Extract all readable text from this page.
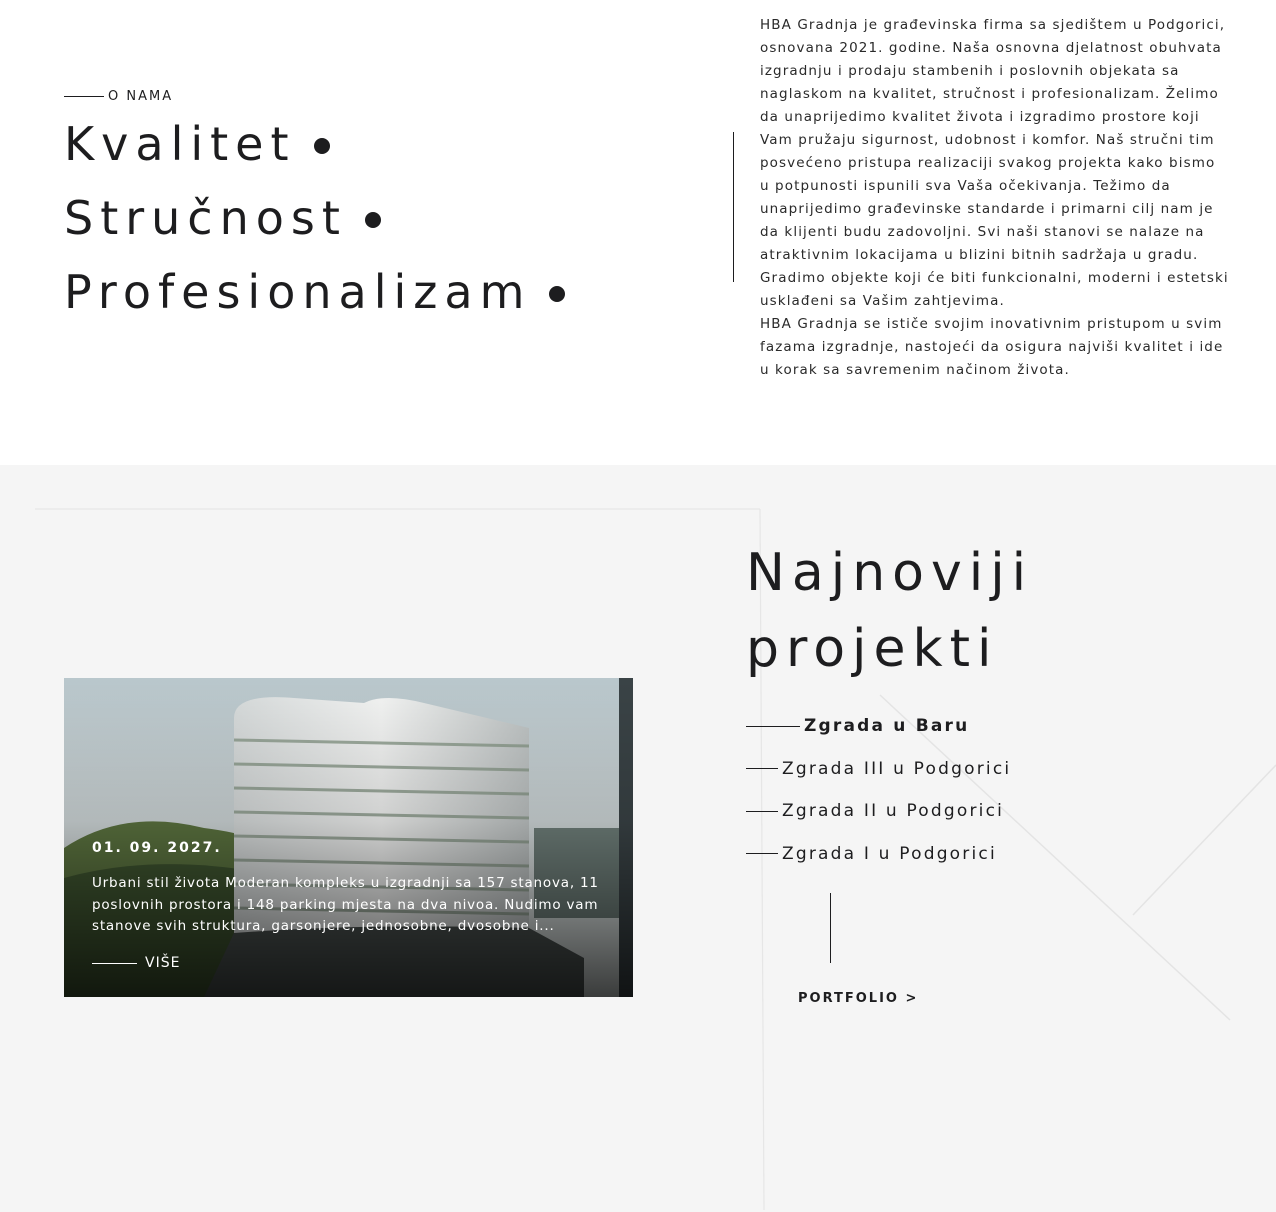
O NAMA
Kvalitet
Stručnost
Profesionalizam

HBA Gradnja je građevinska firma sa sjedištem u Podgorici, osnovana 2021. godine. Naša osnovna djelatnost obuhvata izgradnju i prodaju stambenih i poslovnih objekata sa naglaskom na kvalitet, stručnost i profesionalizam. Želimo da unaprijedimo kvalitet života i izgradimo prostore koji Vam pružaju sigurnost, udobnost i komfor. Naš stručni tim posvećeno pristupa realizaciji svakog projekta kako bismo u potpunosti ispunili sva Vaša očekivanja. Težimo da unaprijedimo građevinske standarde i primarni cilj nam je da klijenti budu zadovoljni. Svi naši stanovi se nalaze na atraktivnim lokacijama u blizini bitnih sadržaja u gradu. Gradimo objekte koji će biti funkcionalni, moderni i estetski usklađeni sa Vašim zahtjevima.

HBA Gradnja se ističe svojim inovativnim pristupom u svim fazama izgradnje, nastojeći da osigura najviši kvalitet i ide u korak sa savremenim načinom života.

Najnoviji
projekti
Zgrada u Baru
Zgrada III u Podgorici
Zgrada II u Podgorici
Zgrada I u Podgorici
PORTFOLIO >
01. 09. 2027.
Urbani stil života Moderan kompleks u izgradnji sa 157 stanova, 11 poslovnih prostora i 148 parking mjesta na dva nivoa. Nudimo vam stanove svih struktura, garsonjere, jednosobne, dvosobne i...
VIŠE
